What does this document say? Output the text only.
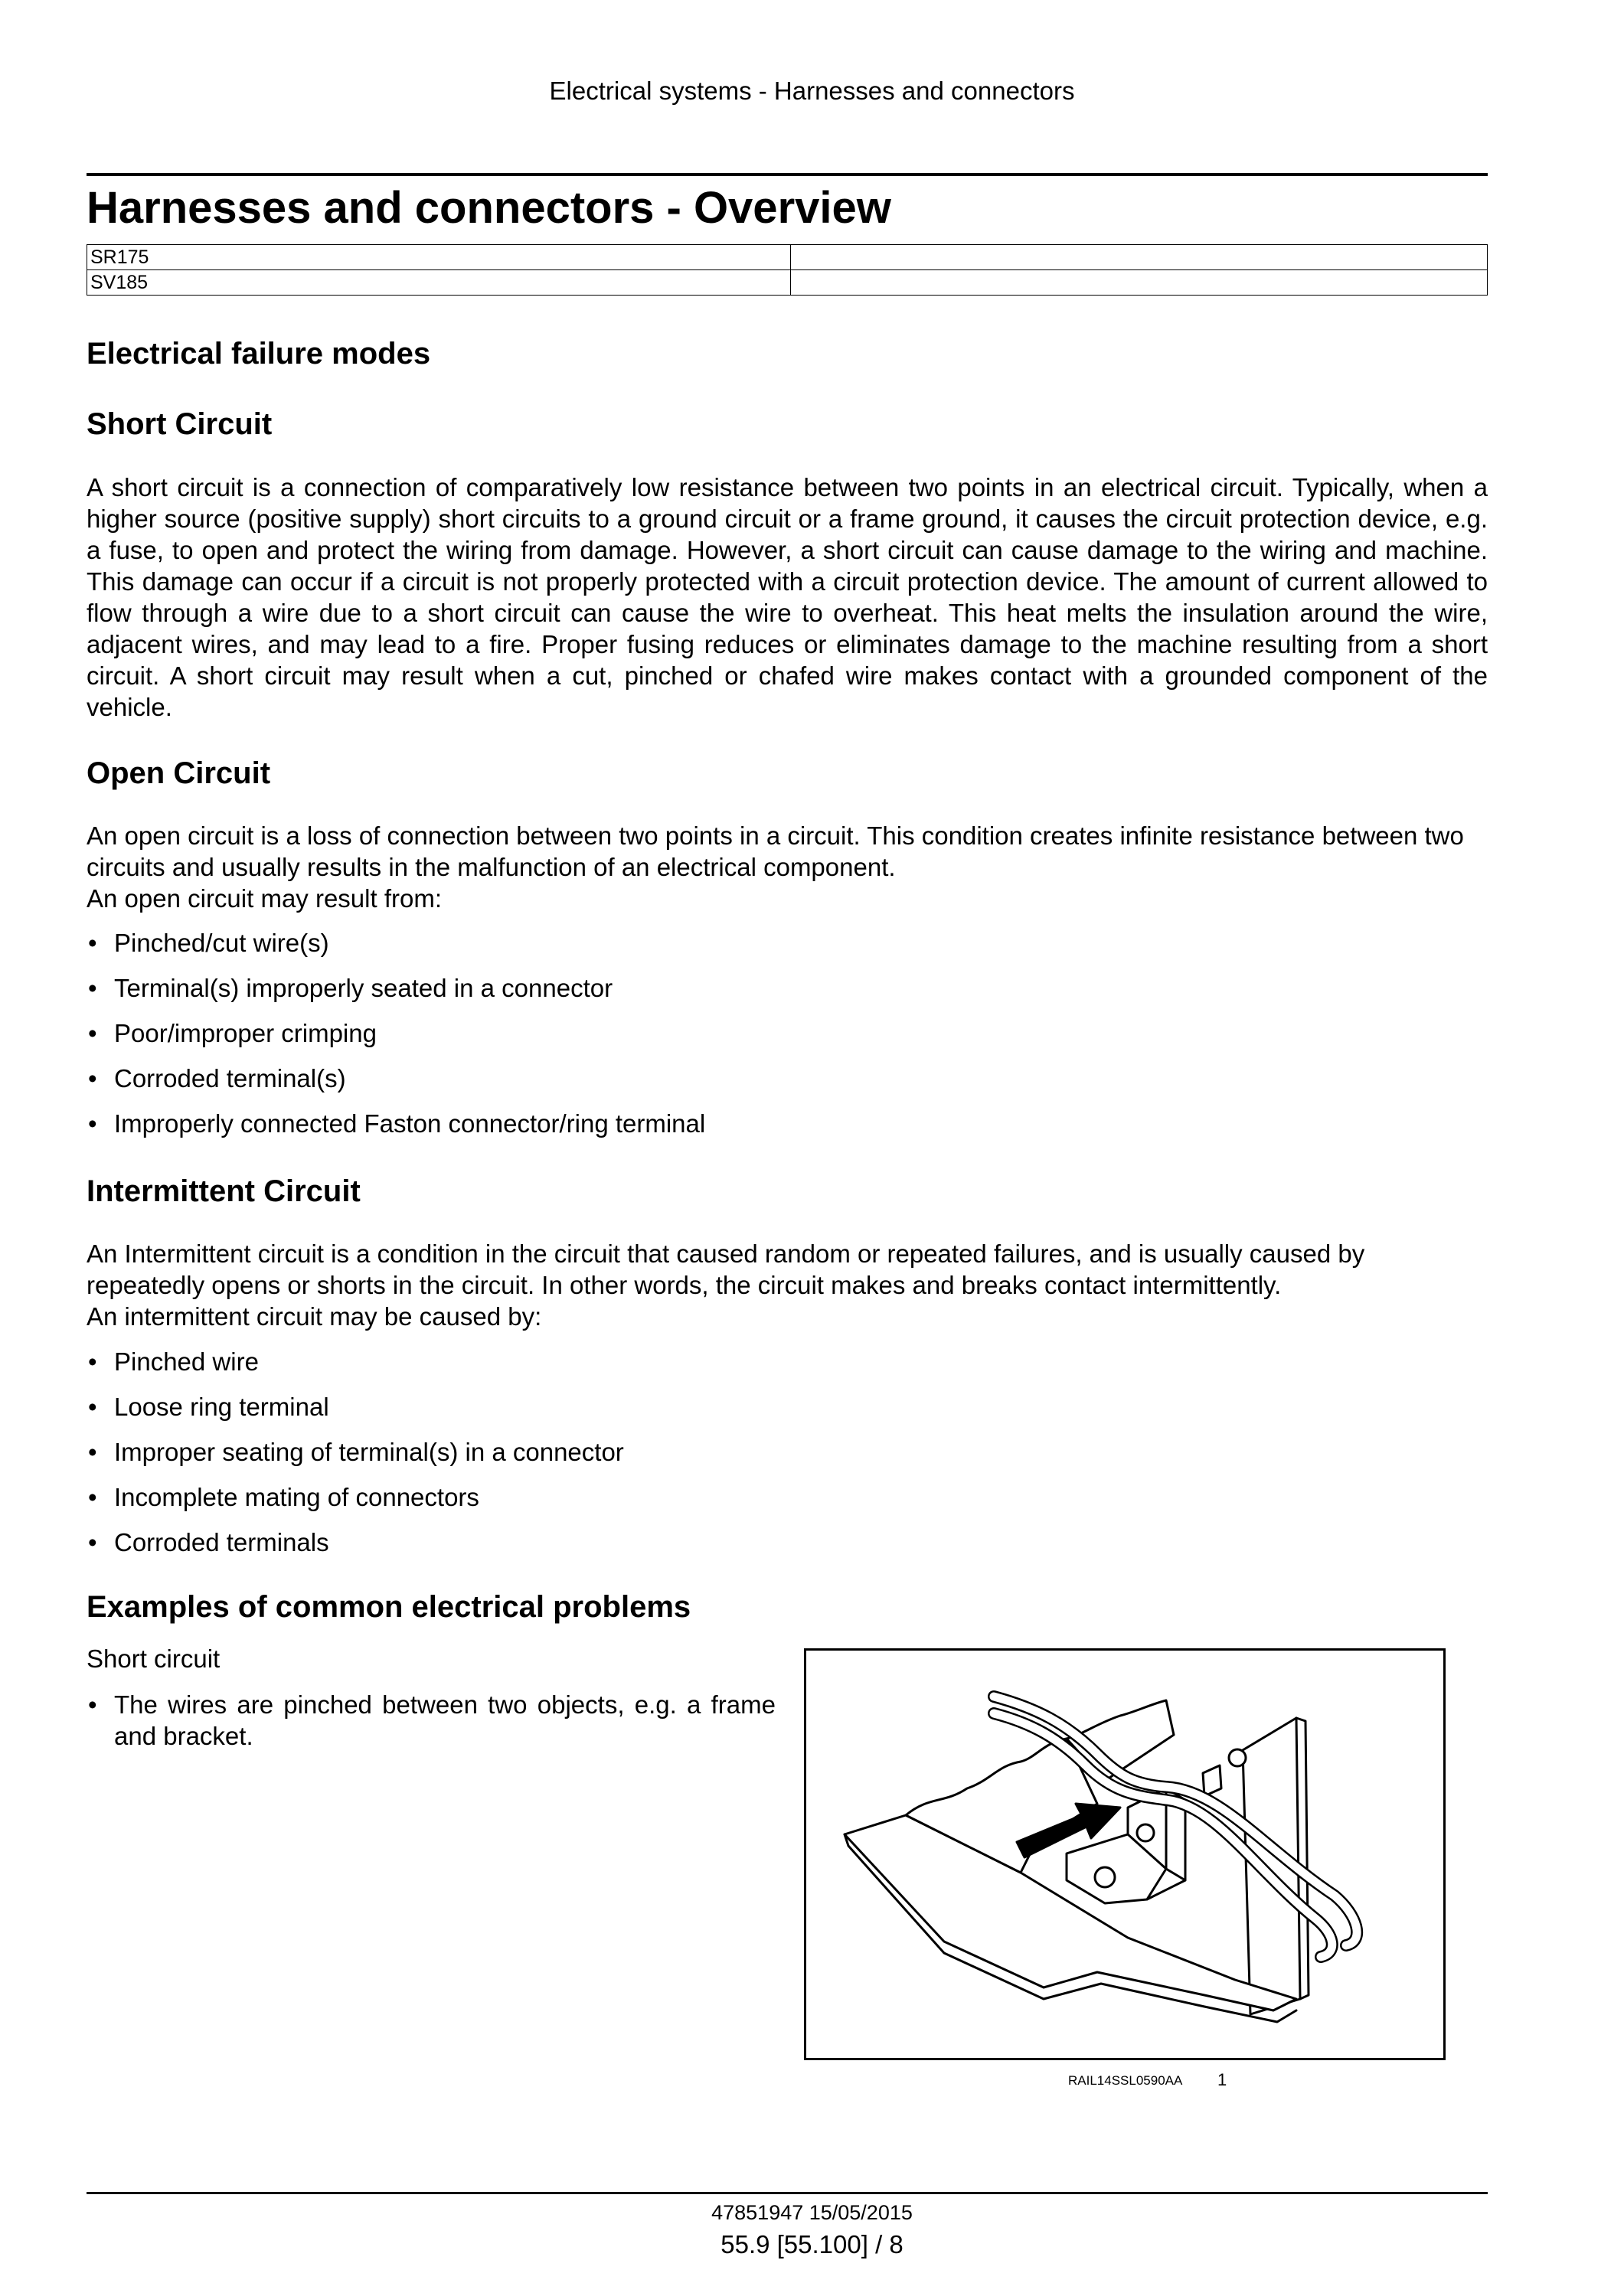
Electrical systems - Harnesses and connectors
Harnesses and connectors - Overview
SR175	
SV185	
Electrical failure modes
Short Circuit

A short circuit is a connection of comparatively low resistance between two points in an electrical circuit. Typically, when a higher source (positive supply) short circuits to a ground circuit or a frame ground, it causes the circuit protection device, e.g. a fuse, to open and protect the wiring from damage. However, a short circuit can cause damage to the wiring and machine. This damage can occur if a circuit is not properly protected with a circuit protection device. The amount of current allowed to flow through a wire due to a short circuit can cause the wire to overheat. This heat melts the insulation around the wire, adjacent wires, and may lead to a fire. Proper fusing reduces or eliminates damage to the machine resulting from a short circuit. A short circuit may result when a cut, pinched or chafed wire makes contact with a grounded component of the vehicle.

Open Circuit

An open circuit is a loss of connection between two points in a circuit. This condition creates infinite resistance between two circuits and usually results in the malfunction of an electrical component.

An open circuit may result from:

• Pinched/cut wire(s)
• Terminal(s) improperly seated in a connector
• Poor/improper crimping
• Corroded terminal(s)
• Improperly connected Faston connector/ring terminal
Intermittent Circuit

An Intermittent circuit is a condition in the circuit that caused random or repeated failures, and is usually caused by repeatedly opens or shorts in the circuit. In other words, the circuit makes and breaks contact intermittently.

An intermittent circuit may be caused by:

• Pinched wire
• Loose ring terminal
• Improper seating of terminal(s) in a connector
• Incomplete mating of connectors
• Corroded terminals
Examples of common electrical problems

Short circuit

• The wires are pinched between two objects, e.g. a frame and bracket.
RAIL14SSL0590AA 1
47851947 15/05/2015
55.9 [55.100] / 8
